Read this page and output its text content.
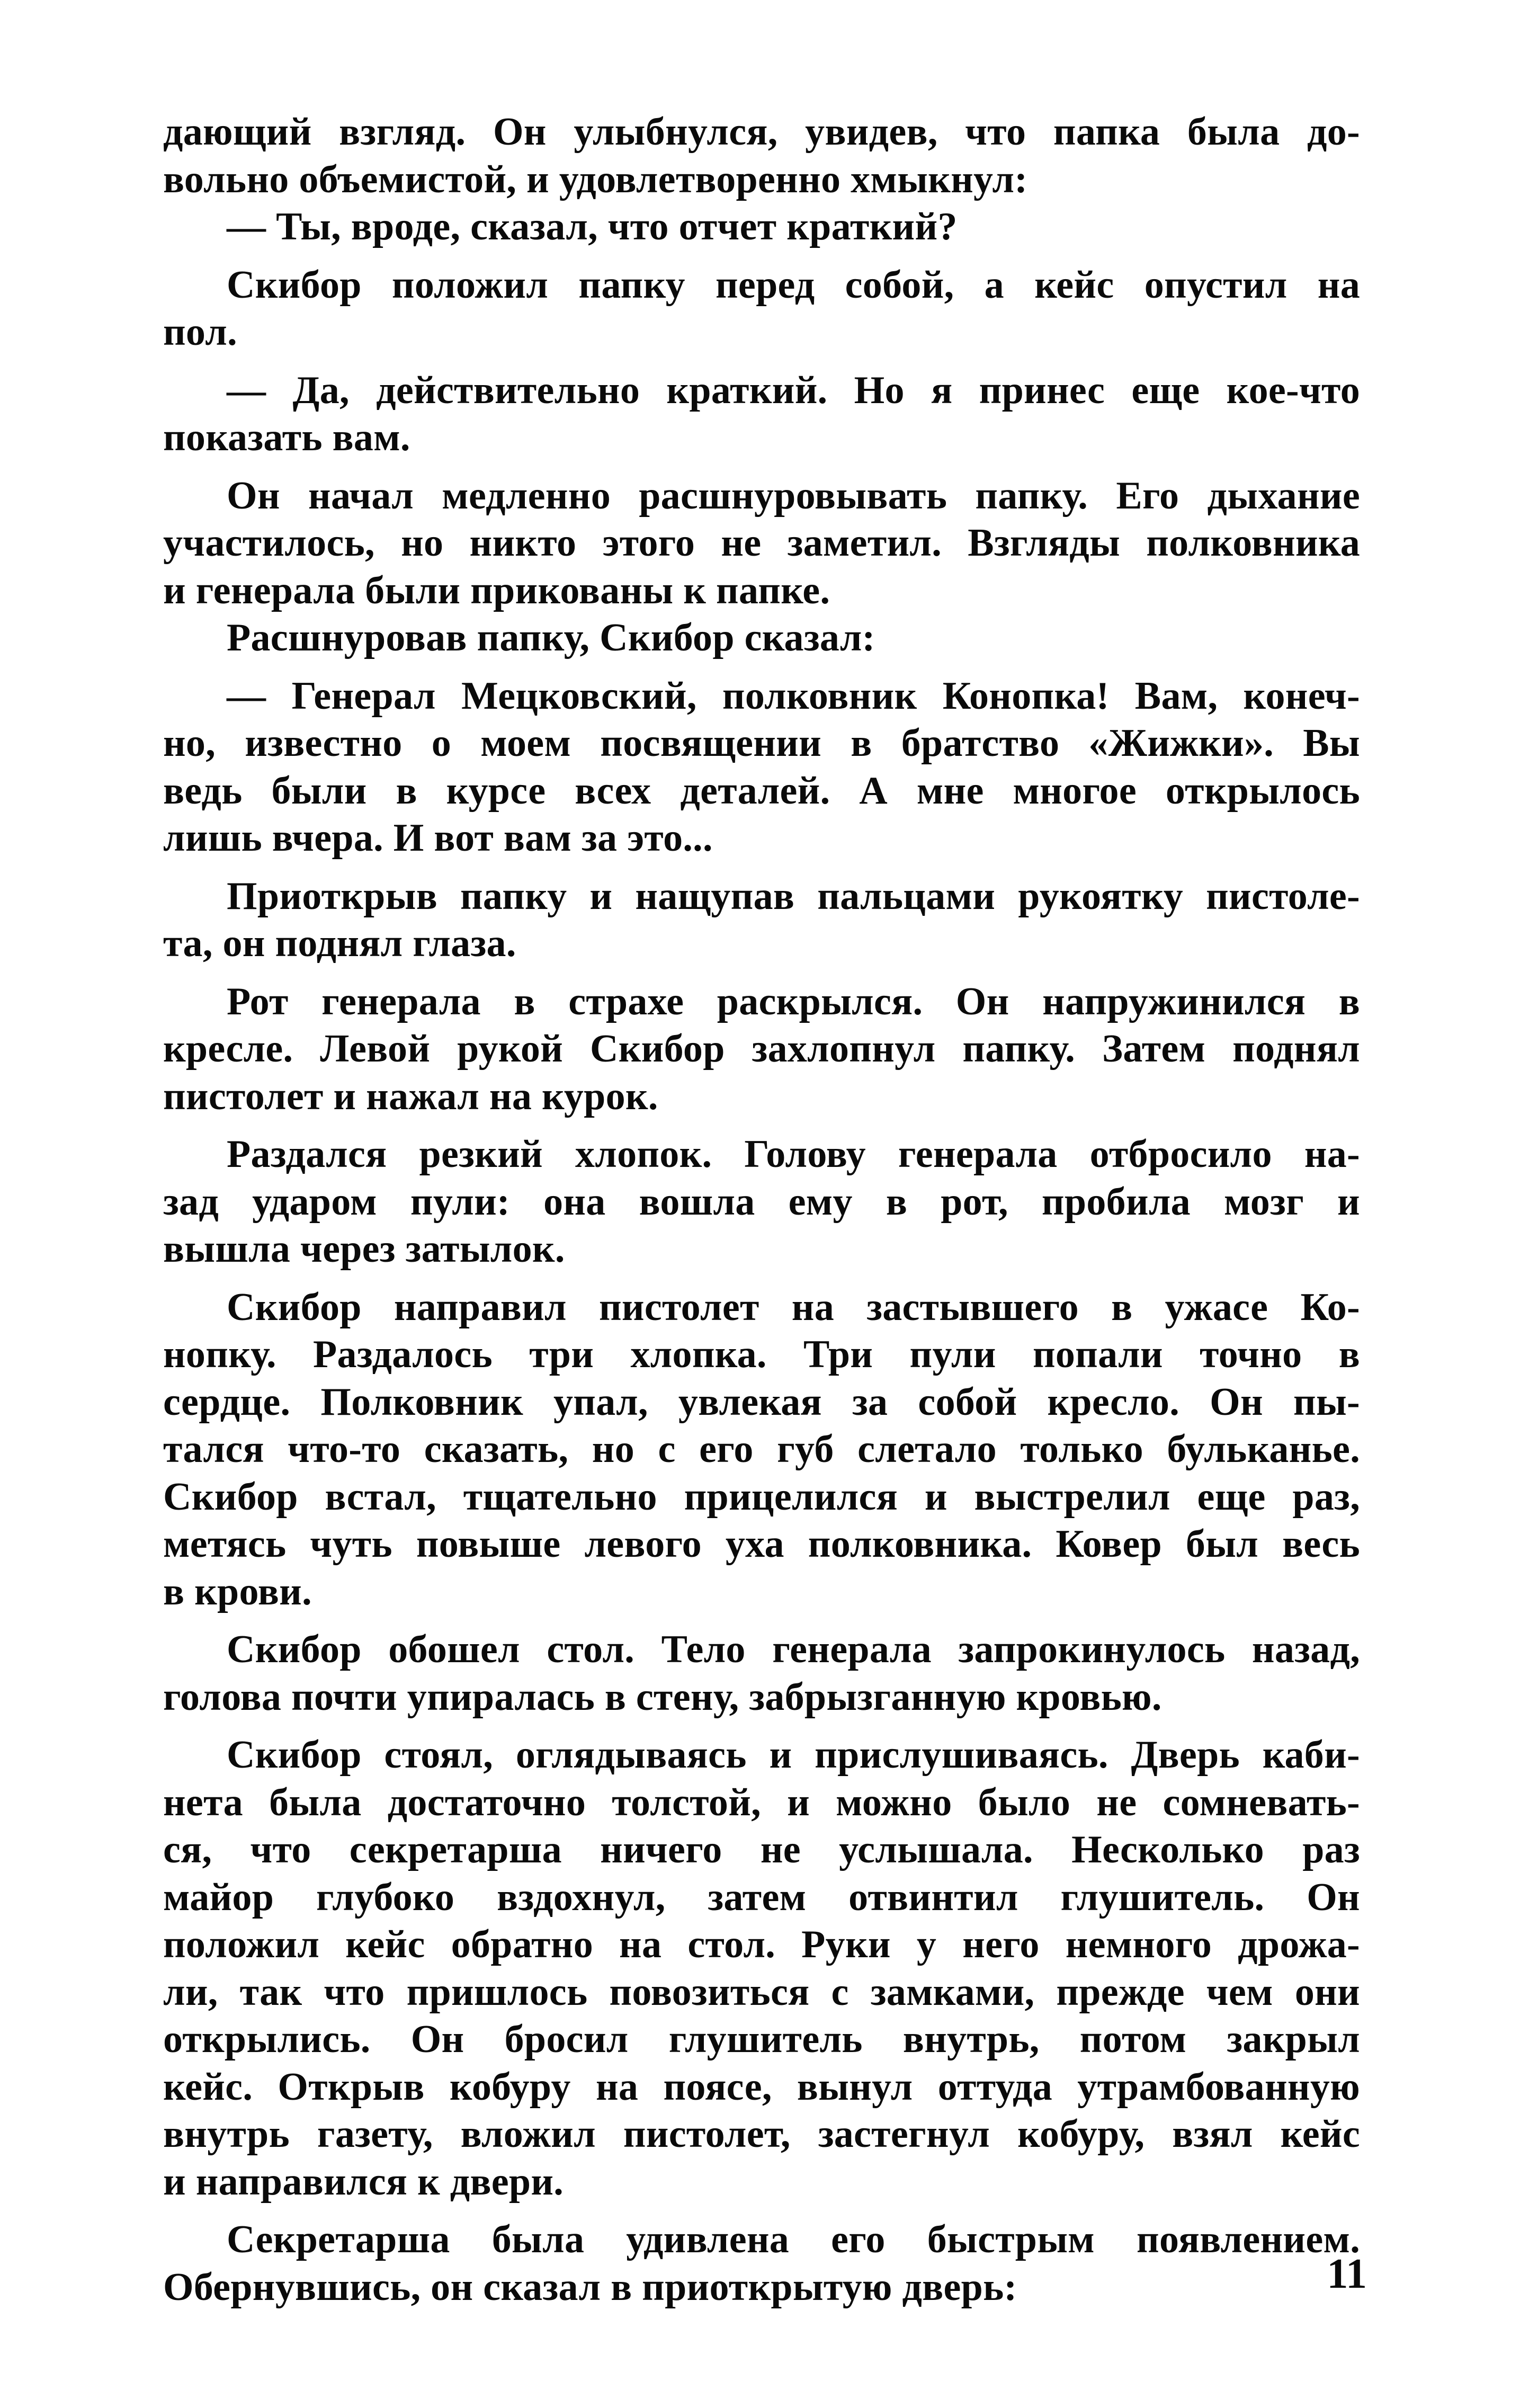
дающий взгляд. Он улыбнулся, увидев, что папка была до-
вольно объемистой, и удовлетворенно хмыкнул:
— Ты, вроде, сказал, что отчет краткий?
Скибор положил папку перед собой, а кейс опустил на
пол.
— Да, действительно краткий. Но я принес еще кое-что
показать вам.
Он начал медленно расшнуровывать папку. Его дыхание
участилось, но никто этого не заметил. Взгляды полковника
и генерала были прикованы к папке.
Расшнуровав папку, Скибор сказал:
— Генерал Мецковский, полковник Конопка! Вам, конеч-
но, известно о моем посвящении в братство «Жижки». Вы
ведь были в курсе всех деталей. А мне многое открылось
лишь вчера. И вот вам за это...
Приоткрыв папку и нащупав пальцами рукоятку пистоле-
та, он поднял глаза.
Рот генерала в страхе раскрылся. Он напружинился в
кресле. Левой рукой Скибор захлопнул папку. Затем поднял
пистолет и нажал на курок.
Раздался резкий хлопок. Голову генерала отбросило на-
зад ударом пули: она вошла ему в рот, пробила мозг и
вышла через затылок.
Скибор направил пистолет на застывшего в ужасе Ко-
нопку. Раздалось три хлопка. Три пули попали точно в
сердце. Полковник упал, увлекая за собой кресло. Он пы-
тался что-то сказать, но с его губ слетало только бульканье.
Скибор встал, тщательно прицелился и выстрелил еще раз,
метясь чуть повыше левого уха полковника. Ковер был весь
в крови.
Скибор обошел стол. Тело генерала запрокинулось назад,
голова почти упиралась в стену, забрызганную кровью.
Скибор стоял, оглядываясь и прислушиваясь. Дверь каби-
нета была достаточно толстой, и можно было не сомневать-
ся, что секретарша ничего не услышала. Несколько раз
майор глубоко вздохнул, затем отвинтил глушитель. Он
положил кейс обратно на стол. Руки у него немного дрожа-
ли, так что пришлось повозиться с замками, прежде чем они
открылись. Он бросил глушитель внутрь, потом закрыл
кейс. Открыв кобуру на поясе, вынул оттуда утрамбованную
внутрь газету, вложил пистолет, застегнул кобуру, взял кейс
и направился к двери.
Секретарша была удивлена его быстрым появлением.
Обернувшись, он сказал в приоткрытую дверь:	11
